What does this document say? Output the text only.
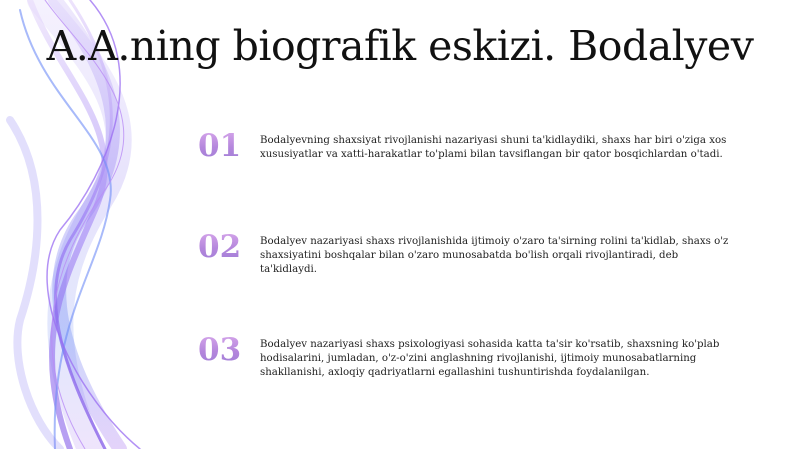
A.A.ning biografik eskizi. Bodalyev
01	Bodalyevning shaxsiyat rivojlanishi nazariyasi shuni ta'kidlaydiki, shaxs har biri o'ziga xos xususiyatlar va xatti-harakatlar to'plami bilan tavsiflangan bir qator bosqichlardan o'tadi.
02	Bodalyev nazariyasi shaxs rivojlanishida ijtimoiy o'zaro ta'sirning rolini ta'kidlab, shaxs o'z shaxsiyatini boshqalar bilan o'zaro munosabatda bo'lish orqali rivojlantiradi, deb ta'kidlaydi.
03	Bodalyev nazariyasi shaxs psixologiyasi sohasida katta ta'sir ko'rsatib, shaxsning ko'plab hodisalarini, jumladan, o'z-o'zini anglashning rivojlanishi, ijtimoiy munosabatlarning shakllanishi, axloqiy qadriyatlarni egallashini tushuntirishda foydalanilgan.
